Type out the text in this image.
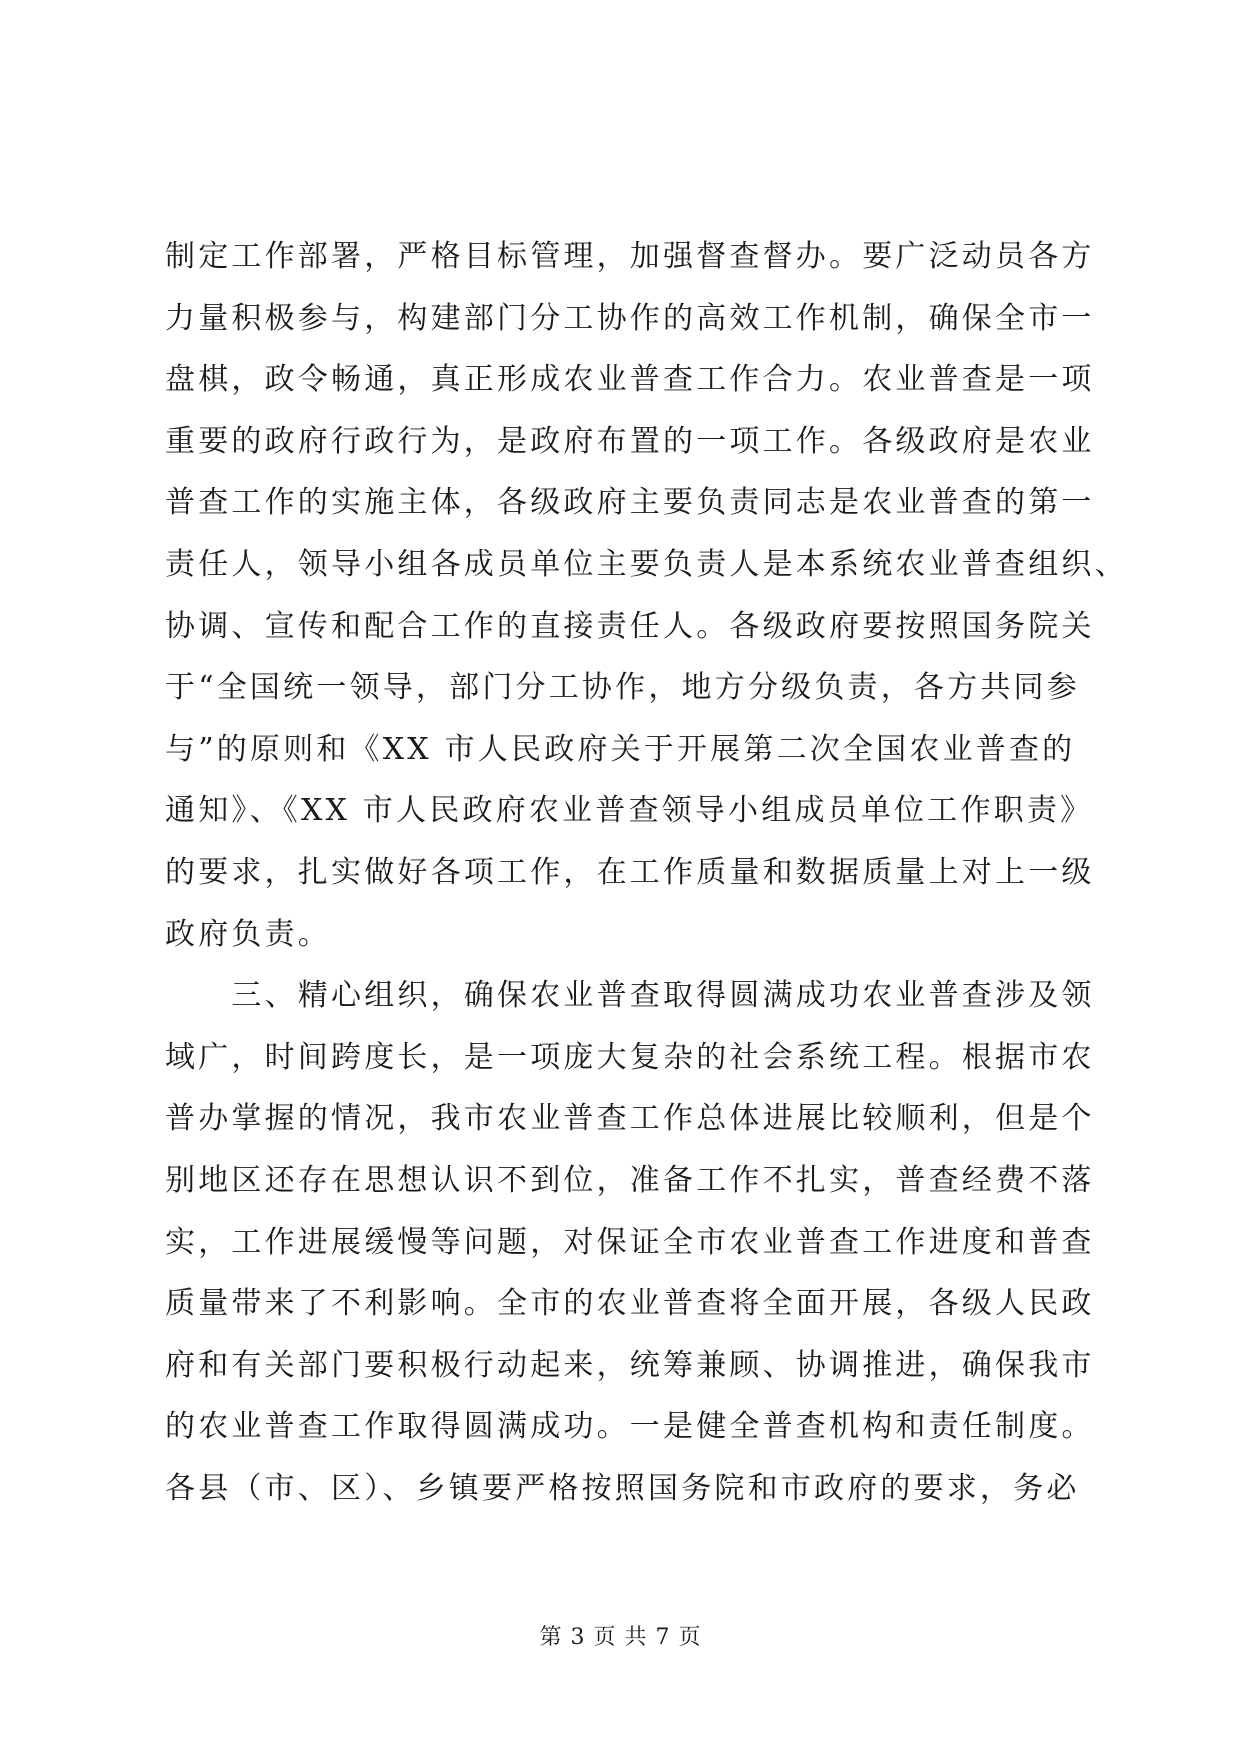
制定工作部署，严格目标管理，加强督查督办。要广泛动员各方
力量积极参与，构建部门分工协作的高效工作机制，确保全市一
盘棋，政令畅通，真正形成农业普查工作合力。农业普查是一项
重要的政府行政行为，是政府布置的一项工作。各级政府是农业
普查工作的实施主体，各级政府主要负责同志是农业普查的第一
责任人，领导小组各成员单位主要负责人是本系统农业普查组织、
协调、宣传和配合工作的直接责任人。各级政府要按照国务院关
于“全国统一领导，部门分工协作，地方分级负责，各方共同参
与”的原则和《XX 市人民政府关于开展第二次全国农业普查的
通知》、《XX 市人民政府农业普查领导小组成员单位工作职责》
的要求，扎实做好各项工作，在工作质量和数据质量上对上一级
政府负责。
　　三、精心组织，确保农业普查取得圆满成功农业普查涉及领
域广，时间跨度长，是一项庞大复杂的社会系统工程。根据市农
普办掌握的情况，我市农业普查工作总体进展比较顺利，但是个
别地区还存在思想认识不到位，准备工作不扎实，普查经费不落
实，工作进展缓慢等问题，对保证全市农业普查工作进度和普查
质量带来了不利影响。全市的农业普查将全面开展，各级人民政
府和有关部门要积极行动起来，统筹兼顾、协调推进，确保我市
的农业普查工作取得圆满成功。一是健全普查机构和责任制度。
各县（市、区）、乡镇要严格按照国务院和市政府的要求，务必
第 3 页 共 7 页
